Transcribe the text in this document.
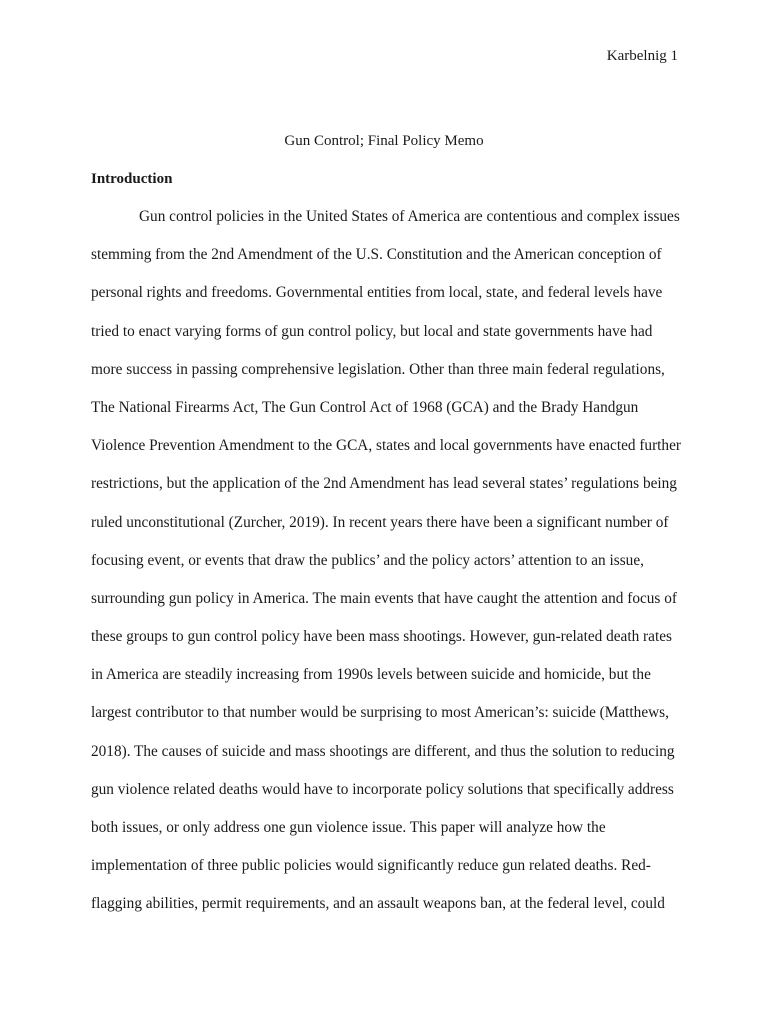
Karbelnig 1
Gun Control; Final Policy Memo
Introduction
Gun control policies in the United States of America are contentious and complex issues
stemming from the 2nd Amendment of the U.S. Constitution and the American conception of
personal rights and freedoms. Governmental entities from local, state, and federal levels have
tried to enact varying forms of gun control policy, but local and state governments have had
more success in passing comprehensive legislation. Other than three main federal regulations,
The National Firearms Act, The Gun Control Act of 1968 (GCA) and the Brady Handgun
Violence Prevention Amendment to the GCA, states and local governments have enacted further
restrictions, but the application of the 2nd Amendment has lead several states’ regulations being
ruled unconstitutional (Zurcher, 2019). In recent years there have been a significant number of
focusing event, or events that draw the publics’ and the policy actors’ attention to an issue,
surrounding gun policy in America. The main events that have caught the attention and focus of
these groups to gun control policy have been mass shootings. However, gun-related death rates
in America are steadily increasing from 1990s levels between suicide and homicide, but the
largest contributor to that number would be surprising to most American’s: suicide (Matthews,
2018). The causes of suicide and mass shootings are different, and thus the solution to reducing
gun violence related deaths would have to incorporate policy solutions that specifically address
both issues, or only address one gun violence issue. This paper will analyze how the
implementation of three public policies would significantly reduce gun related deaths. Red-
flagging abilities, permit requirements, and an assault weapons ban, at the federal level, could
